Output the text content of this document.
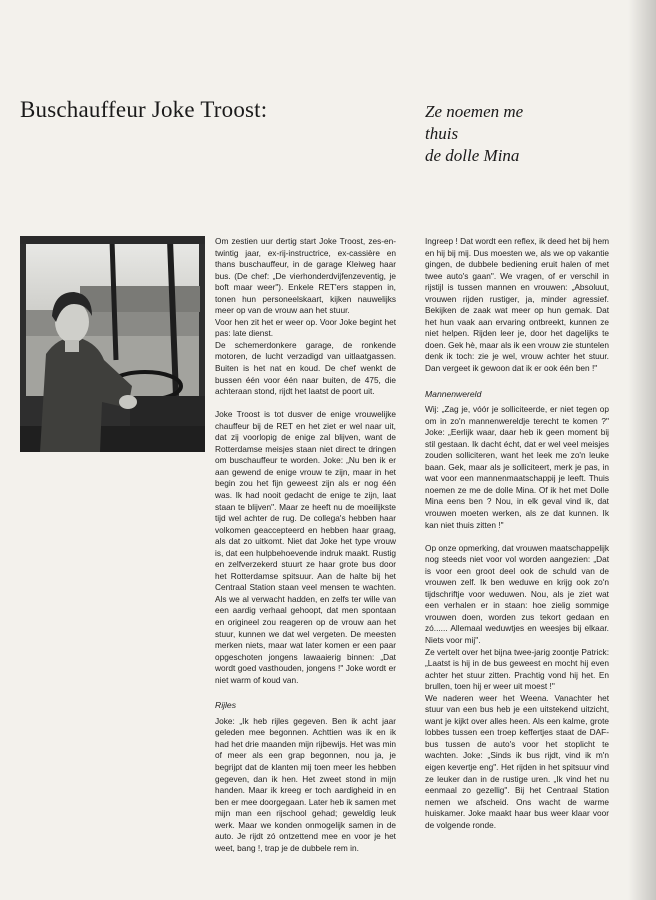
Buschauffeur Joke Troost:	Ze noemen me
thuis
de dolle Mina

Om zestien uur dertig start Joke Troost, zes-en-twintig jaar, ex-rij-instructrice, ex-cassière en thans buschauffeur, in de garage Kleiweg haar bus. (De chef: „De vierhonderdvijfenzeventig, je boft maar weer"). Enkele RET'ers stappen in, tonen hun personeelskaart, kijken nauwelijks meer op van de vrouw aan het stuur.

Voor hen zit het er weer op. Voor Joke begint het pas: late dienst.

De schemerdonkere garage, de ronkende motoren, de lucht verzadigd van uitlaatgassen. Buiten is het nat en koud. De chef wenkt de bussen één voor één naar buiten, de 475, die achteraan stond, rijdt het laatst de poort uit.

Joke Troost is tot dusver de enige vrouwelijke chauffeur bij de RET en het ziet er wel naar uit, dat zij voorlopig de enige zal blijven, want de Rotterdamse meisjes staan niet direct te dringen om buschauffeur te worden. Joke: „Nu ben ik er aan gewend de enige vrouw te zijn, maar in het begin zou het fijn geweest zijn als er nog één was. Ik had nooit gedacht de enige te zijn, laat staan te blijven". Maar ze heeft nu de moeilijkste tijd wel achter de rug. De collega's hebben haar volkomen geaccepteerd en hebben haar graag, als dat zo uitkomt. Niet dat Joke het type vrouw is, dat een hulpbehoevende indruk maakt. Rustig en zelfverzekerd stuurt ze haar grote bus door het Rotterdamse spitsuur. Aan de halte bij het Centraal Station staan veel mensen te wachten. Als we al verwacht hadden, en zelfs ter wille van een aardig verhaal gehoopt, dat men spontaan en origineel zou reageren op de vrouw aan het stuur, kunnen we dat wel vergeten. De meesten merken niets, maar wat later komen er een paar opgeschoten jongens lawaaierig binnen: „Dat wordt goed vasthouden, jongens !" Joke wordt er niet warm of koud van.

Rijles

Joke: „Ik heb rijles gegeven. Ben ik acht jaar geleden mee begonnen. Achttien was ik en ik had het drie maanden mijn rijbewijs. Het was min of meer als een grap begonnen, nou ja, je begrijpt dat de klanten mij toen meer les hebben gegeven, dan ik hen. Het zweet stond in mijn handen. Maar ik kreeg er toch aardigheid in en ben er mee doorgegaan. Later heb ik samen met mijn man een rijschool gehad; geweldig leuk werk. Maar we konden onmogelijk samen in de auto. Je rijdt zó ontzettend mee en voor je het weet, bang !, trap je de dubbele rem in.

Ingreep ! Dat wordt een reflex, ik deed het bij hem en hij bij mij. Dus moesten we, als we op vakantie gingen, de dubbele bediening eruit halen of met twee auto's gaan". We vragen, of er verschil in rijstijl is tussen mannen en vrouwen: „Absoluut, vrouwen rijden rustiger, ja, minder agressief. Bekijken de zaak wat meer op hun gemak. Dat het hun vaak aan ervaring ontbreekt, kunnen ze niet helpen. Rijden leer je, door het dagelijks te doen. Gek hè, maar als ik een vrouw zie stuntelen denk ik toch: zie je wel, vrouw achter het stuur. Dan vergeet ik gewoon dat ik er ook één ben !"

Mannenwereld

Wij: „Zag je, vóór je solliciteerde, er niet tegen op om in zo'n mannenwereldje terecht te komen ?" Joke: „Eerlijk waar, daar heb ik geen moment bij stil gestaan. Ik dacht écht, dat er wel veel meisjes zouden solliciteren, want het leek me zo'n leuke baan. Gek, maar als je solliciteert, merk je pas, in wat voor een mannenmaatschappij je leeft. Thuis noemen ze me de dolle Mina. Of ik het met Dolle Mina eens ben ? Nou, in elk geval vind ik, dat vrouwen moeten werken, als ze dat kunnen. Ik kan niet thuis zitten !"

Op onze opmerking, dat vrouwen maatschappelijk nog steeds niet voor vol worden aangezien: „Dat is voor een groot deel ook de schuld van de vrouwen zelf. Ik ben weduwe en krijg ook zo'n tijdschriftje voor weduwen. Nou, als je ziet wat een verhalen er in staan: hoe zielig sommige vrouwen doen, worden zus tekort gedaan en zó...... Allemaal weduwtjes en weesjes bij elkaar. Niets voor mij".

Ze vertelt over het bijna twee-jarig zoontje Patrick: „Laatst is hij in de bus geweest en mocht hij even achter het stuur zitten. Prachtig vond hij het. En brullen, toen hij er weer uit moest !"

We naderen weer het Weena. Vanachter het stuur van een bus heb je een uitstekend uitzicht, want je kijkt over alles heen. Als een kalme, grote lobbes tussen een troep keffertjes staat de DAF-bus tussen de auto's voor het stoplicht te wachten. Joke: „Sinds ik bus rijdt, vind ik m'n eigen kevertje eng". Het rijden in het spitsuur vind ze leuker dan in de rustige uren. „Ik vind het nu eenmaal zo gezellig". Bij het Centraal Station nemen we afscheid. Ons wacht de warme huiskamer. Joke maakt haar bus weer klaar voor de volgende ronde.
